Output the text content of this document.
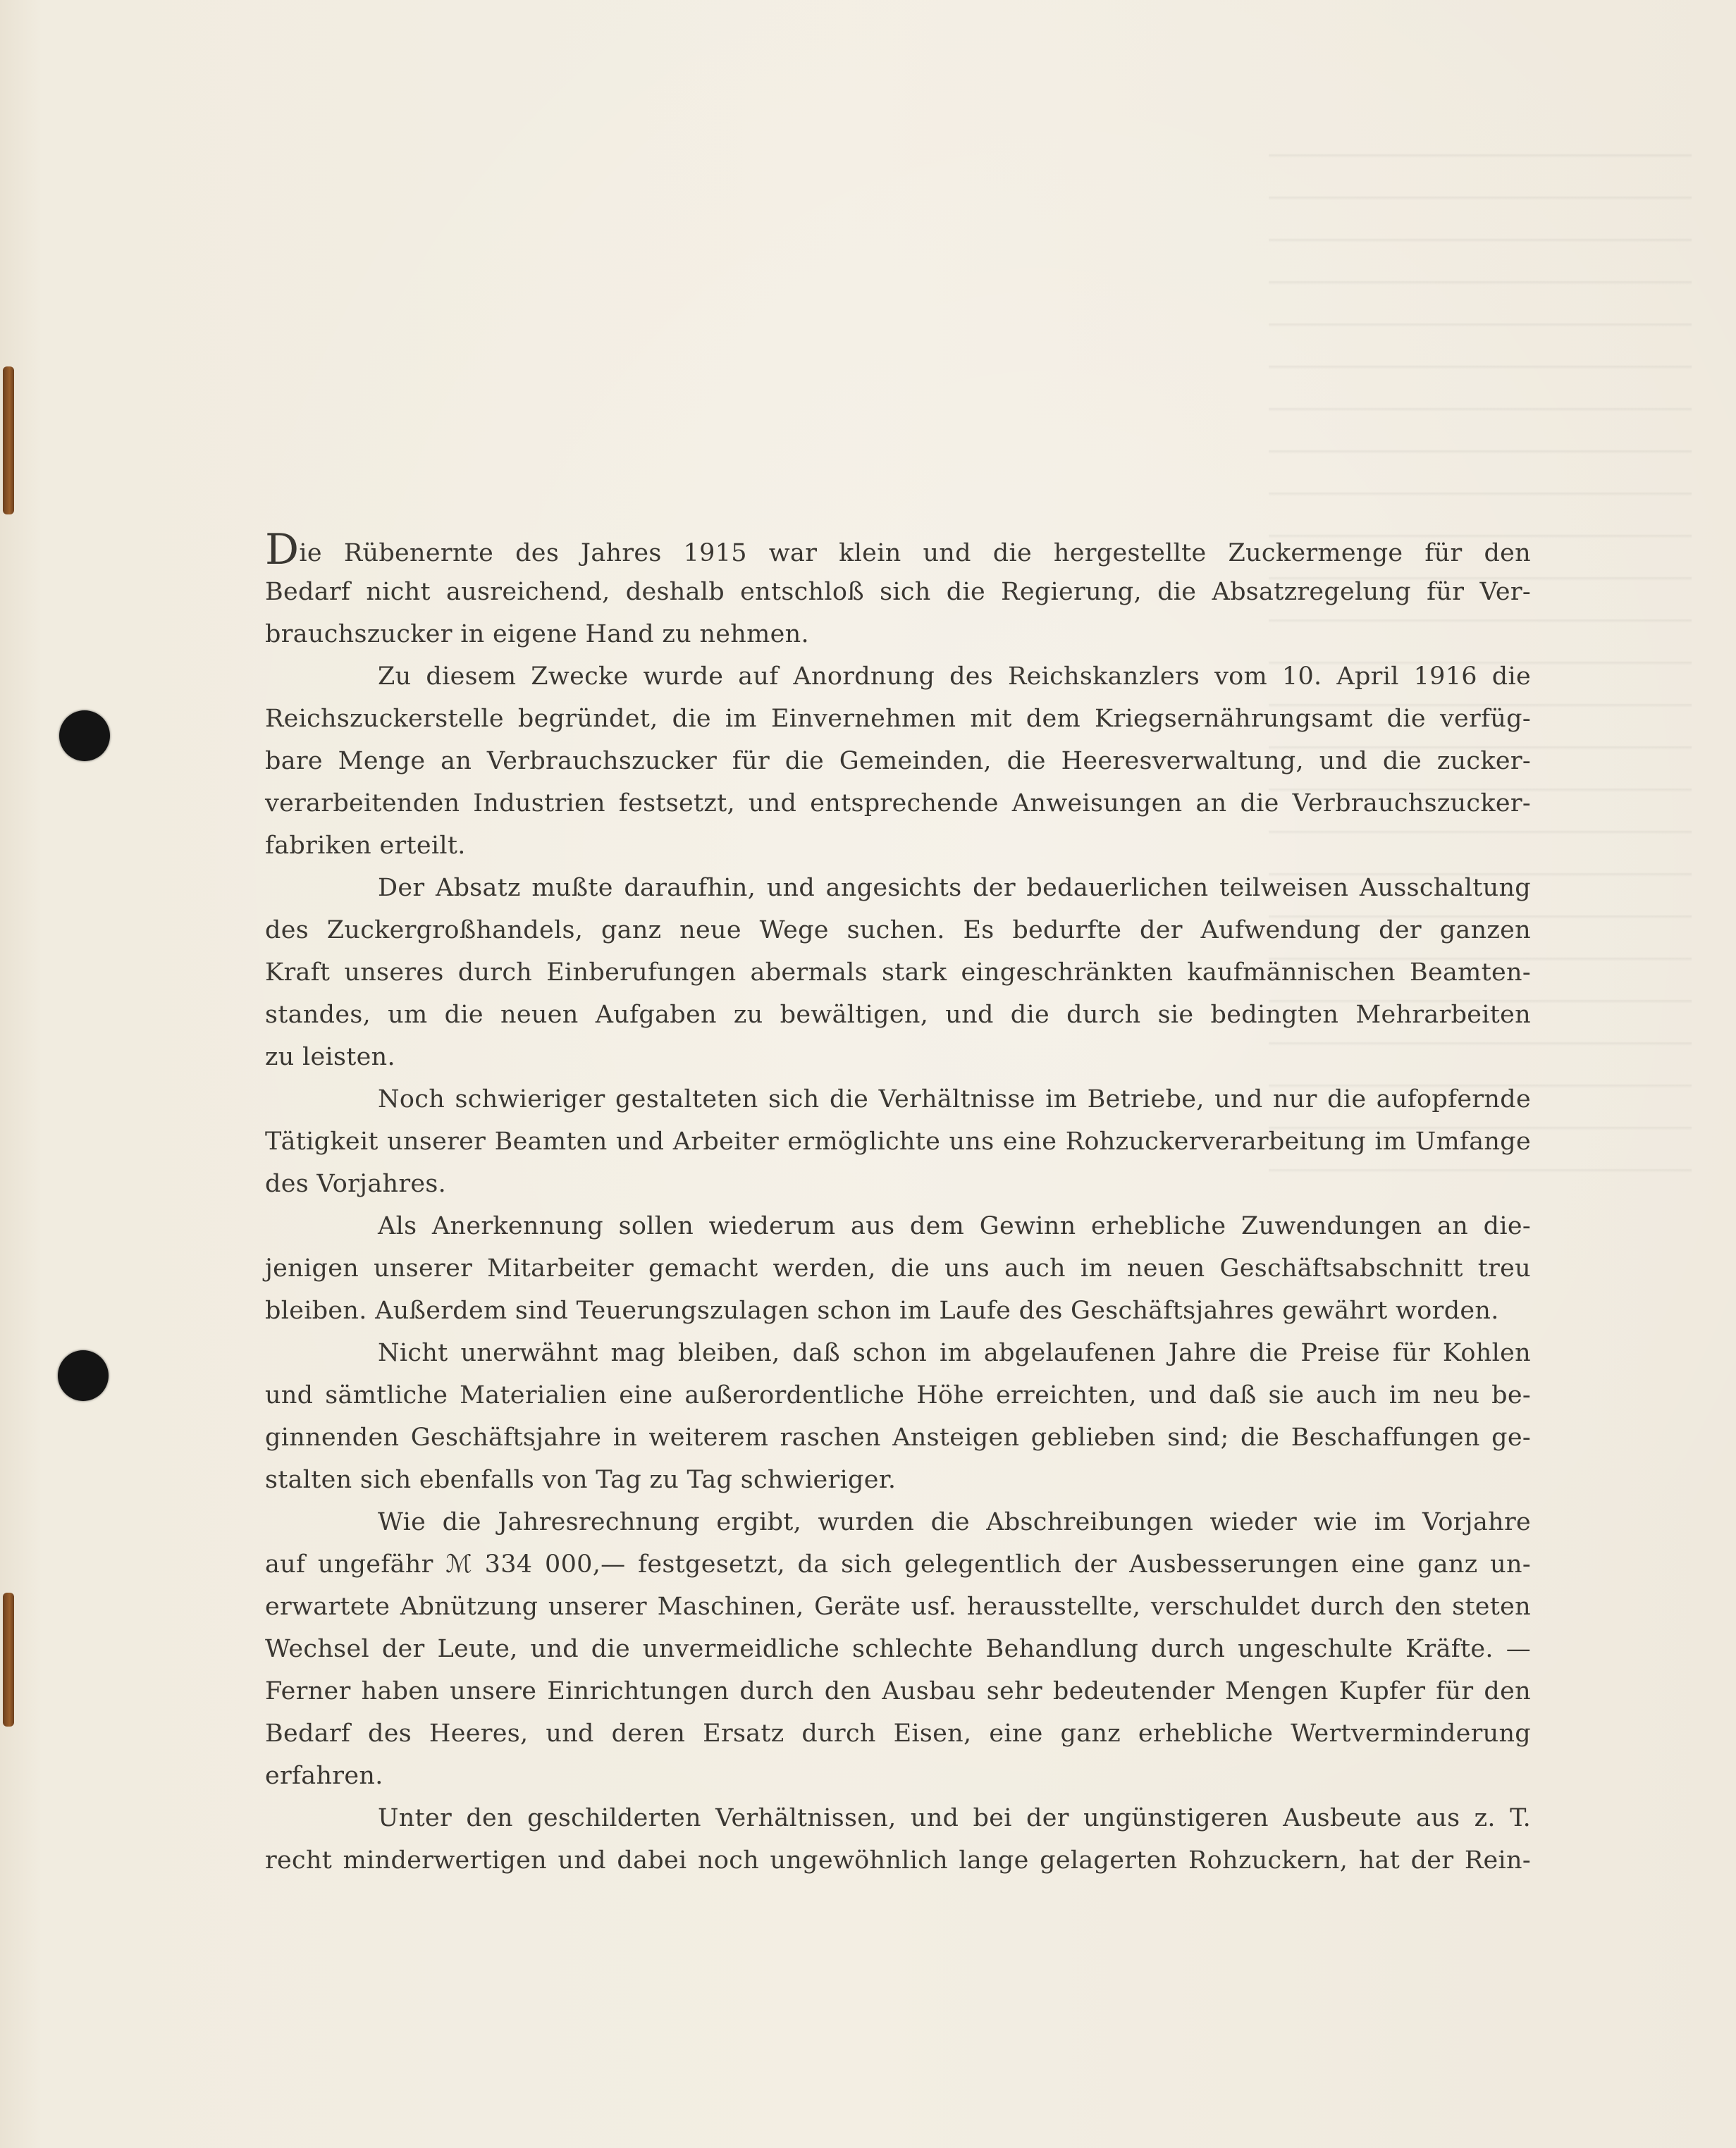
Die Rübenernte des Jahres 1915 war klein und die hergestellte Zuckermenge für den
Bedarf nicht ausreichend, deshalb entschloß sich die Regierung, die Absatzregelung für Ver-
brauchszucker in eigene Hand zu nehmen.
Zu diesem Zwecke wurde auf Anordnung des Reichskanzlers vom 10. April 1916 die
Reichszuckerstelle begründet, die im Einvernehmen mit dem Kriegsernährungsamt die verfüg-
bare Menge an Verbrauchszucker für die Gemeinden, die Heeresverwaltung, und die zucker-
verarbeitenden Industrien festsetzt, und entsprechende Anweisungen an die Verbrauchszucker-
fabriken erteilt.
Der Absatz mußte daraufhin, und angesichts der bedauerlichen teilweisen Ausschaltung
des Zuckergroßhandels, ganz neue Wege suchen. Es bedurfte der Aufwendung der ganzen
Kraft unseres durch Einberufungen abermals stark eingeschränkten kaufmännischen Beamten-
standes, um die neuen Aufgaben zu bewältigen, und die durch sie bedingten Mehrarbeiten
zu leisten.
Noch schwieriger gestalteten sich die Verhältnisse im Betriebe, und nur die aufopfernde
Tätigkeit unserer Beamten und Arbeiter ermöglichte uns eine Rohzuckerverarbeitung im Umfange
des Vorjahres.
Als Anerkennung sollen wiederum aus dem Gewinn erhebliche Zuwendungen an die-
jenigen unserer Mitarbeiter gemacht werden, die uns auch im neuen Geschäftsabschnitt treu
bleiben. Außerdem sind Teuerungszulagen schon im Laufe des Geschäftsjahres gewährt worden.
Nicht unerwähnt mag bleiben, daß schon im abgelaufenen Jahre die Preise für Kohlen
und sämtliche Materialien eine außerordentliche Höhe erreichten, und daß sie auch im neu be-
ginnenden Geschäftsjahre in weiterem raschen Ansteigen geblieben sind; die Beschaffungen ge-
stalten sich ebenfalls von Tag zu Tag schwieriger.
Wie die Jahresrechnung ergibt, wurden die Abschreibungen wieder wie im Vorjahre
auf ungefähr ℳ 334 000,— festgesetzt, da sich gelegentlich der Ausbesserungen eine ganz un-
erwartete Abnützung unserer Maschinen, Geräte usf. herausstellte, verschuldet durch den steten
Wechsel der Leute, und die unvermeidliche schlechte Behandlung durch ungeschulte Kräfte. —
Ferner haben unsere Einrichtungen durch den Ausbau sehr bedeutender Mengen Kupfer für den
Bedarf des Heeres, und deren Ersatz durch Eisen, eine ganz erhebliche Wertverminderung
erfahren.
Unter den geschilderten Verhältnissen, und bei der ungünstigeren Ausbeute aus z. T.
recht minderwertigen und dabei noch ungewöhnlich lange gelagerten Rohzuckern, hat der Rein-
